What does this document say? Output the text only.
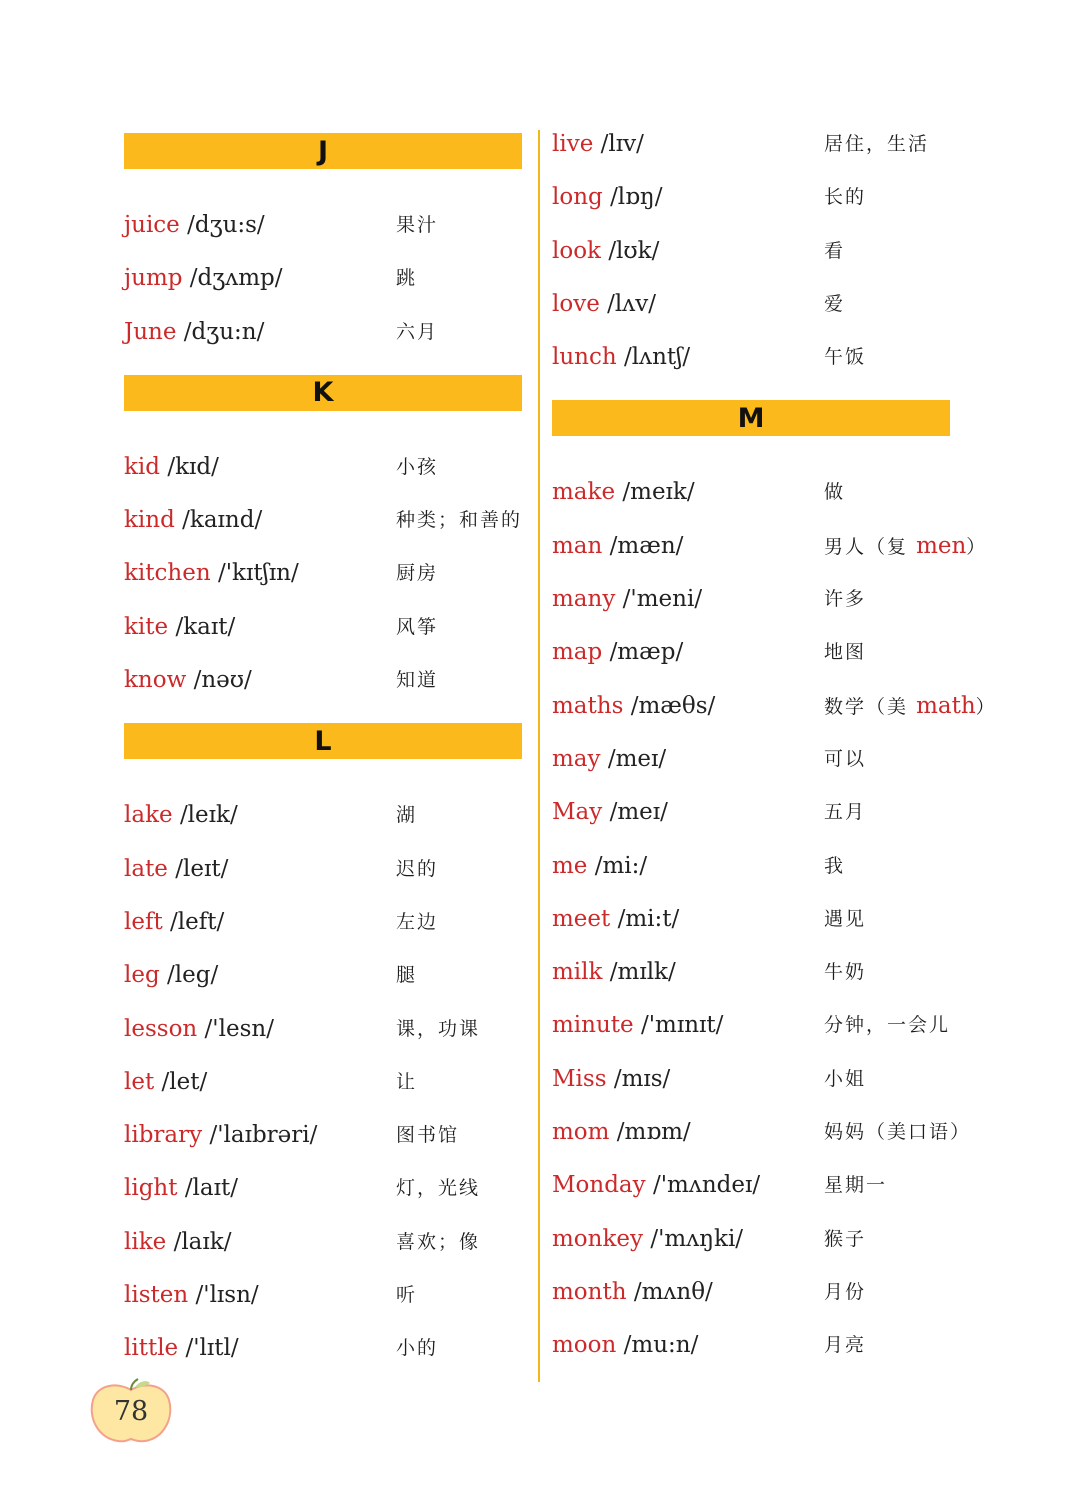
J
juice /dʒu:s/	果汁
jump /dʒʌmp/	跳
June /dʒu:n/	六月
K
kid /kɪd/	小孩
kind /kaɪnd/	种类；和善的
kitchen /'kɪtʃɪn/	厨房
kite /kaɪt/	风筝
know /nəʊ/	知道
L
lake /leɪk/	湖
late /leɪt/	迟的
left /left/	左边
leg /leg/	腿
lesson /'lesn/	课，功课
let /let/	让
library /'laɪbrəri/	图书馆
light /laɪt/	灯，光线
like /laɪk/	喜欢；像
listen /'lɪsn/	听
little /'lɪtl/	小的
live /lɪv/	居住，生活
long /lɒŋ/	长的
look /lʊk/	看
love /lʌv/	爱
lunch /lʌntʃ/	午饭
M
make /meɪk/	做
man /mæn/	男人（复 men）
many /'meni/	许多
map /mæp/	地图
maths /mæθs/	数学（美 math）
may /meɪ/	可以
May /meɪ/	五月
me /mi:/	我
meet /mi:t/	遇见
milk /mɪlk/	牛奶
minute /'mɪnɪt/	分钟，一会儿
Miss /mɪs/	小姐
mom /mɒm/	妈妈（美口语）
Monday /'mʌndeɪ/	星期一
monkey /'mʌŋki/	猴子
month /mʌnθ/	月份
moon /mu:n/	月亮
78
